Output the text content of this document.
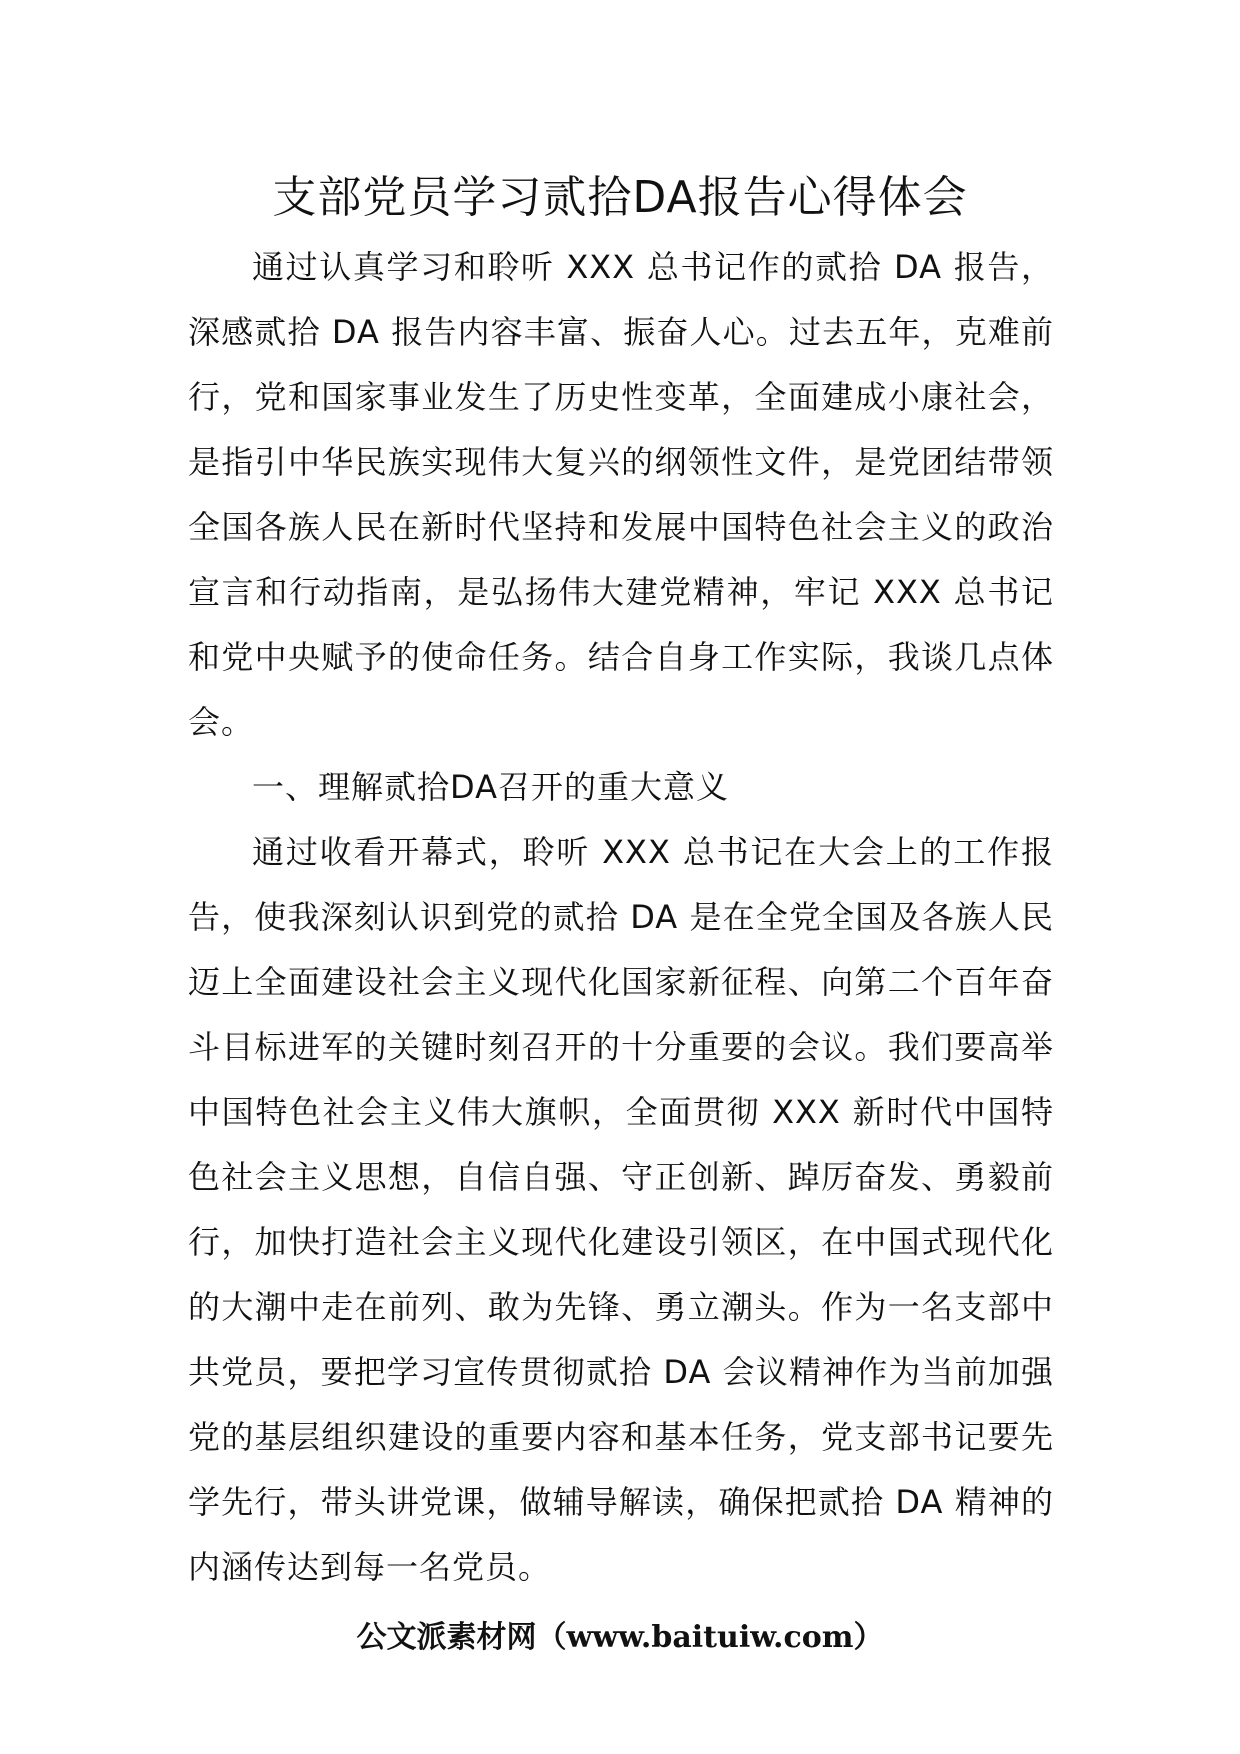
支部党员学习贰拾DA报告心得体会

通过认真学习和聆听 XXX 总书记作的贰拾 DA 报告，深感贰拾 DA 报告内容丰富、振奋人心。过去五年，克难前行，党和国家事业发生了历史性变革，全面建成小康社会，是指引中华民族实现伟大复兴的纲领性文件，是党团结带领全国各族人民在新时代坚持和发展中国特色社会主义的政治宣言和行动指南，是弘扬伟大建党精神，牢记 XXX 总书记和党中央赋予的使命任务。结合自身工作实际，我谈几点体会。

一、理解贰拾DA召开的重大意义

通过收看开幕式，聆听 XXX 总书记在大会上的工作报告，使我深刻认识到党的贰拾 DA 是在全党全国及各族人民迈上全面建设社会主义现代化国家新征程、向第二个百年奋斗目标进军的关键时刻召开的十分重要的会议。我们要高举中国特色社会主义伟大旗帜，全面贯彻 XXX 新时代中国特色社会主义思想，自信自强、守正创新、踔厉奋发、勇毅前行，加快打造社会主义现代化建设引领区，在中国式现代化的大潮中走在前列、敢为先锋、勇立潮头。作为一名支部中共党员，要把学习宣传贯彻贰拾 DA 会议精神作为当前加强党的基层组织建设的重要内容和基本任务，党支部书记要先学先行，带头讲党课，做辅导解读，确保把贰拾 DA 精神的内涵传达到每一名党员。

公文派素材网（www.baituiw.com）
